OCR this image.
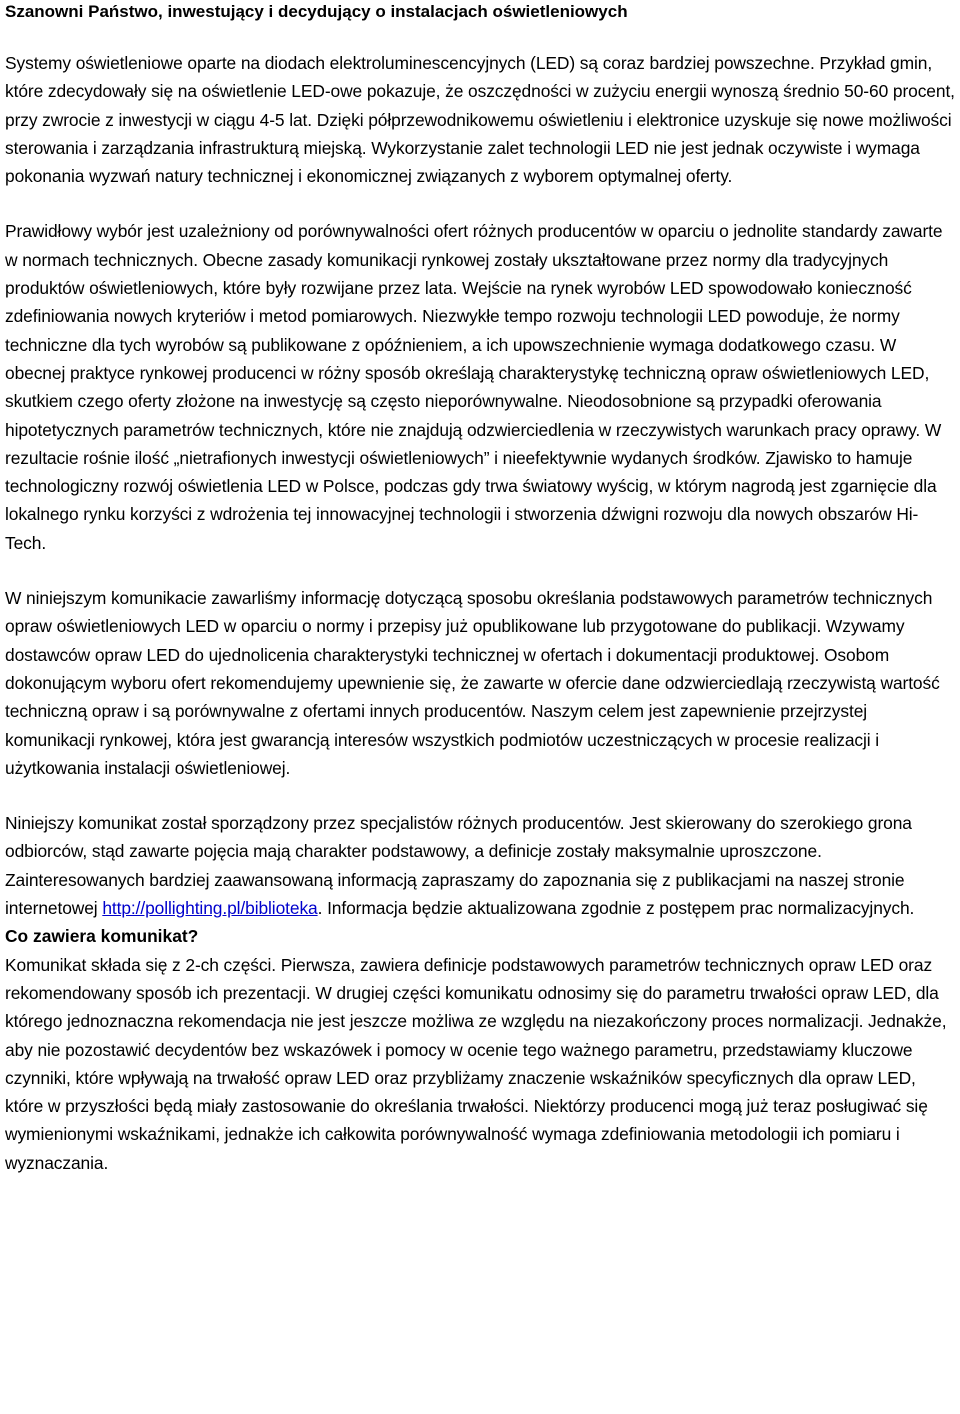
Szanowni Państwo, inwestujący i decydujący o instalacjach oświetleniowych

Systemy oświetleniowe oparte na diodach elektroluminescencyjnych (LED) są coraz bardziej powszechne. Przykład gmin, które zdecydowały się na oświetlenie LED-owe pokazuje, że oszczędności w zużyciu energii wynoszą średnio 50-60 procent, przy zwrocie z inwestycji w ciągu 4-5 lat. Dzięki półprzewodnikowemu oświetleniu i elektronice uzyskuje się nowe możliwości sterowania i zarządzania infrastrukturą miejską. Wykorzystanie zalet technologii LED nie jest jednak oczywiste i wymaga pokonania wyzwań natury technicznej i ekonomicznej związanych z wyborem optymalnej oferty.

Prawidłowy wybór jest uzależniony od porównywalności ofert różnych producentów w oparciu o jednolite standardy zawarte w normach technicznych. Obecne zasady komunikacji rynkowej zostały ukształtowane przez normy dla tradycyjnych produktów oświetleniowych, które były rozwijane przez lata. Wejście na rynek wyrobów LED spowodowało konieczność zdefiniowania nowych kryteriów i metod pomiarowych. Niezwykłe tempo rozwoju technologii LED powoduje, że normy techniczne dla tych wyrobów są publikowane z opóźnieniem, a ich upowszechnienie wymaga dodatkowego czasu. W obecnej praktyce rynkowej producenci w różny sposób określają charakterystykę techniczną opraw oświetleniowych LED, skutkiem czego oferty złożone na inwestycję są często nieporównywalne. Nieodosobnione są przypadki oferowania hipotetycznych parametrów technicznych, które nie znajdują odzwierciedlenia w rzeczywistych warunkach pracy oprawy. W rezultacie rośnie ilość „nietrafionych inwestycji oświetleniowych” i nieefektywnie wydanych środków. Zjawisko to hamuje technologiczny rozwój oświetlenia LED w Polsce, podczas gdy trwa światowy wyścig, w którym nagrodą jest zgarnięcie dla lokalnego rynku korzyści z wdrożenia tej innowacyjnej technologii i stworzenia dźwigni rozwoju dla nowych obszarów Hi-Tech.

W niniejszym komunikacie zawarliśmy informację dotyczącą sposobu określania podstawowych parametrów technicznych opraw oświetleniowych LED w oparciu o normy i przepisy już opublikowane lub przygotowane do publikacji. Wzywamy dostawców opraw LED do ujednolicenia charakterystyki technicznej w ofertach i dokumentacji produktowej. Osobom dokonującym wyboru ofert rekomendujemy upewnienie się, że zawarte w ofercie dane odzwierciedlają rzeczywistą wartość techniczną opraw i są porównywalne z ofertami innych producentów. Naszym celem jest zapewnienie przejrzystej komunikacji rynkowej, która jest gwarancją interesów wszystkich podmiotów uczestniczących w procesie realizacji i użytkowania instalacji oświetleniowej.

Niniejszy komunikat został sporządzony przez specjalistów różnych producentów. Jest skierowany do szerokiego grona odbiorców, stąd zawarte pojęcia mają charakter podstawowy, a definicje zostały maksymalnie uproszczone. Zainteresowanych bardziej zaawansowaną informacją zapraszamy do zapoznania się z publikacjami na naszej stronie internetowej http://pollighting.pl/biblioteka. Informacja będzie aktualizowana zgodnie z postępem prac normalizacyjnych.

Co zawiera komunikat?

Komunikat składa się z 2-ch części. Pierwsza, zawiera definicje podstawowych parametrów technicznych opraw LED oraz rekomendowany sposób ich prezentacji. W drugiej części komunikatu odnosimy się do parametru trwałości opraw LED, dla którego jednoznaczna rekomendacja nie jest jeszcze możliwa ze względu na niezakończony proces normalizacji. Jednakże, aby nie pozostawić decydentów bez wskazówek i pomocy w ocenie tego ważnego parametru, przedstawiamy kluczowe czynniki, które wpływają na trwałość opraw LED oraz przybliżamy znaczenie wskaźników specyficznych dla opraw LED, które w przyszłości będą miały zastosowanie do określania trwałości. Niektórzy producenci mogą już teraz posługiwać się wymienionymi wskaźnikami, jednakże ich całkowita porównywalność wymaga zdefiniowania metodologii ich pomiaru i wyznaczania.
